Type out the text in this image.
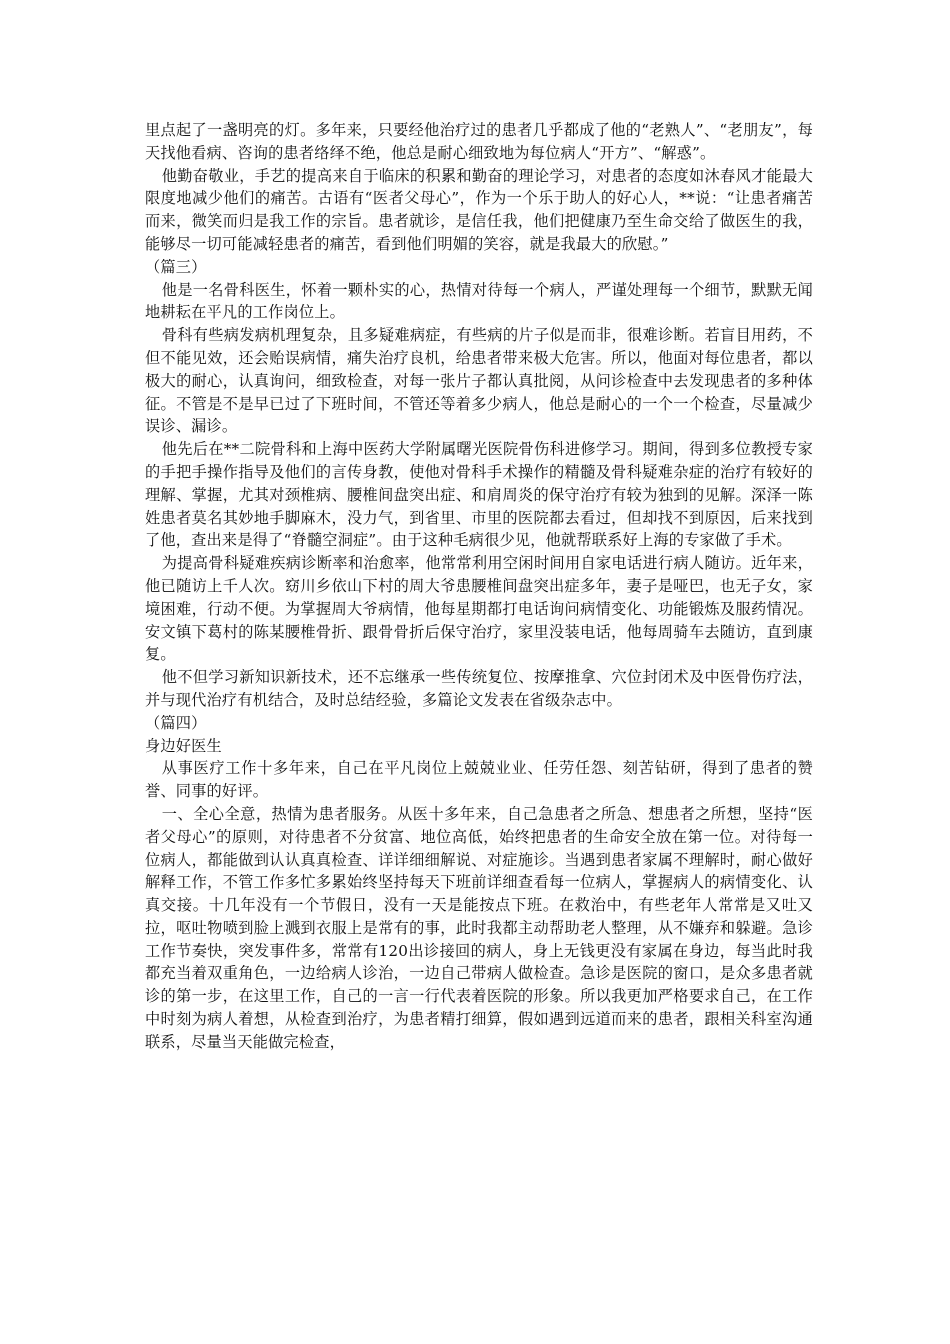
里点起了一盏明亮的灯。多年来，只要经他治疗过的患者几乎都成了他的“老熟人”、“老朋友”，每天找他看病、咨询的患者络绎不绝，他总是耐心细致地为每位病人“开方”、“解惑”。

他勤奋敬业，手艺的提高来自于临床的积累和勤奋的理论学习，对患者的态度如沐春风才能最大限度地减少他们的痛苦。古语有“医者父母心”，作为一个乐于助人的好心人，**说：“让患者痛苦而来，微笑而归是我工作的宗旨。患者就诊，是信任我，他们把健康乃至生命交给了做医生的我，能够尽一切可能减轻患者的痛苦，看到他们明媚的笑容，就是我最大的欣慰。”

（篇三）

他是一名骨科医生，怀着一颗朴实的心，热情对待每一个病人，严谨处理每一个细节，默默无闻地耕耘在平凡的工作岗位上。

骨科有些病发病机理复杂，且多疑难病症，有些病的片子似是而非，很难诊断。若盲目用药，不但不能见效，还会贻误病情，痛失治疗良机，给患者带来极大危害。所以，他面对每位患者，都以极大的耐心，认真询问，细致检查，对每一张片子都认真批阅，从问诊检查中去发现患者的多种体征。不管是不是早已过了下班时间，不管还等着多少病人，他总是耐心的一个一个检查，尽量减少误诊、漏诊。

他先后在**二院骨科和上海中医药大学附属曙光医院骨伤科进修学习。期间，得到多位教授专家的手把手操作指导及他们的言传身教，使他对骨科手术操作的精髓及骨科疑难杂症的治疗有较好的理解、掌握，尤其对颈椎病、腰椎间盘突出症、和肩周炎的保守治疗有较为独到的见解。深泽一陈姓患者莫名其妙地手脚麻木，没力气，到省里、市里的医院都去看过，但却找不到原因，后来找到了他，查出来是得了“脊髓空洞症”。由于这种毛病很少见，他就帮联系好上海的专家做了手术。

为提高骨科疑难疾病诊断率和治愈率，他常常利用空闲时间用自家电话进行病人随访。近年来，他已随访上千人次。窈川乡依山下村的周大爷患腰椎间盘突出症多年，妻子是哑巴，也无子女，家境困难，行动不便。为掌握周大爷病情，他每星期都打电话询问病情变化、功能锻炼及服药情况。安文镇下葛村的陈某腰椎骨折、跟骨骨折后保守治疗，家里没装电话，他每周骑车去随访，直到康复。

他不但学习新知识新技术，还不忘继承一些传统复位、按摩推拿、穴位封闭术及中医骨伤疗法，并与现代治疗有机结合，及时总结经验，多篇论文发表在省级杂志中。

（篇四）

身边好医生

从事医疗工作十多年来，自己在平凡岗位上兢兢业业、任劳任怨、刻苦钻研，得到了患者的赞誉、同事的好评。

一、全心全意，热情为患者服务。从医十多年来，自己急患者之所急、想患者之所想，坚持“医者父母心”的原则，对待患者不分贫富、地位高低，始终把患者的生命安全放在第一位。对待每一位病人，都能做到认认真真检查、详详细细解说、对症施诊。当遇到患者家属不理解时，耐心做好解释工作，不管工作多忙多累始终坚持每天下班前详细查看每一位病人，掌握病人的病情变化、认真交接。十几年没有一个节假日，没有一天是能按点下班。在救治中，有些老年人常常是又吐又拉，呕吐物喷到脸上溅到衣服上是常有的事，此时我都主动帮助老人整理，从不嫌弃和躲避。急诊工作节奏快，突发事件多，常常有120出诊接回的病人，身上无钱更没有家属在身边，每当此时我都充当着双重角色，一边给病人诊治，一边自己带病人做检查。急诊是医院的窗口，是众多患者就诊的第一步，在这里工作，自己的一言一行代表着医院的形象。所以我更加严格要求自己，在工作中时刻为病人着想，从检查到治疗，为患者精打细算，假如遇到远道而来的患者，跟相关科室沟通联系，尽量当天能做完检查，
